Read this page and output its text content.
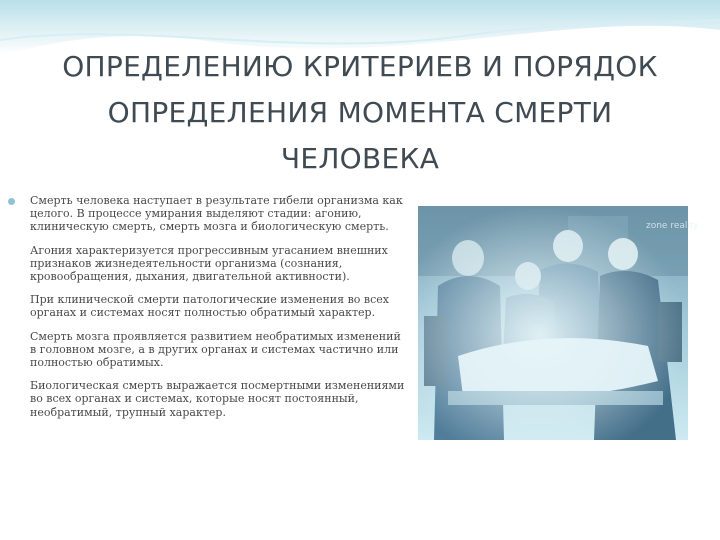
ОПРЕДЕЛЕНИЮ КРИТЕРИЕВ И ПОРЯДОК
ОПРЕДЕЛЕНИЯ МОМЕНТА СМЕРТИ
ЧЕЛОВЕКА

Смерть человека наступает в результате гибели организма как целого. В процессе умирания выделяют стадии: агонию, клиническую смерть, смерть мозга и биологическую смерть.

Агония характеризуется прогрессивным угасанием внешних признаков жизнедеятельности организма (сознания, кровообращения, дыхания, двигательной активности).

При клинической смерти патологические изменения во всех органах и системах носят полностью обратимый характер.

Смерть мозга проявляется развитием необратимых изменений в головном мозге, а в других органах и системах частично или полностью обратимых.

Биологическая смерть выражается посмертными изменениями во всех органах и системах, которые носят постоянный, необратимый, трупный характер.

zone reality
